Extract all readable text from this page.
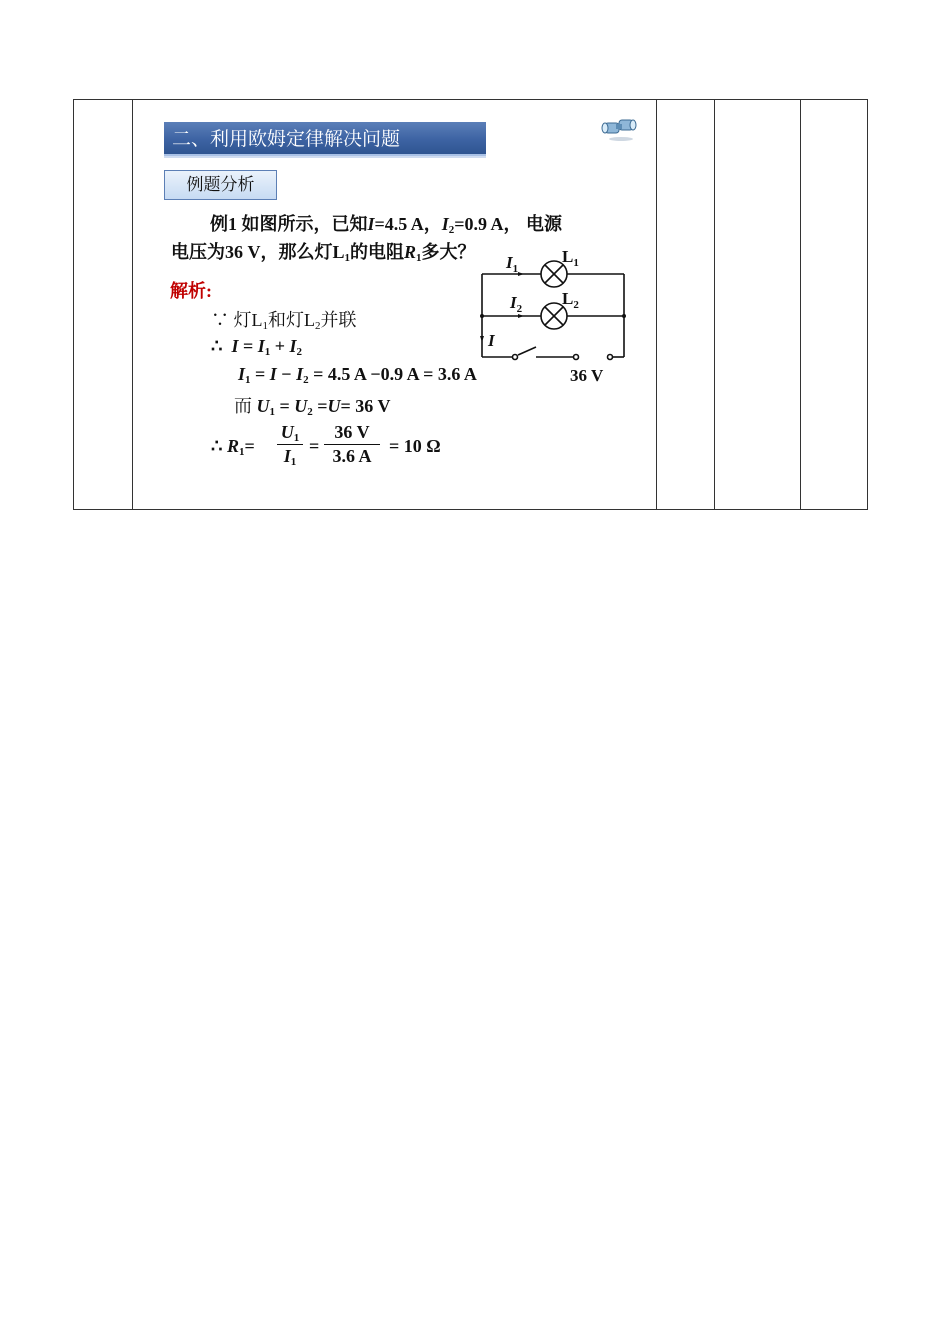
二、利用欧姆定律解决问题
例题分析
例1 如图所示，已知I=4.5 A，$I_2=0.9$ A， 电源
电压为36 V，那么灯$L_1$的电阻$R_1$多大？
解析:
∵ 灯$L_1$和灯$L_2$并联
∴ $I = I_1 + I_2$
$I_1 = I - I_2 = 4.5$ A −0.9 A = 3.6 A
而 $U_1 = U_2 =U= 36$ V
∴ $R_1=$
$U_1$
$I_1$
=
36 V
3.6 A = 10 Ω
$I_1$
$L_1$
$I_2$
$L_2$
I
36 V
